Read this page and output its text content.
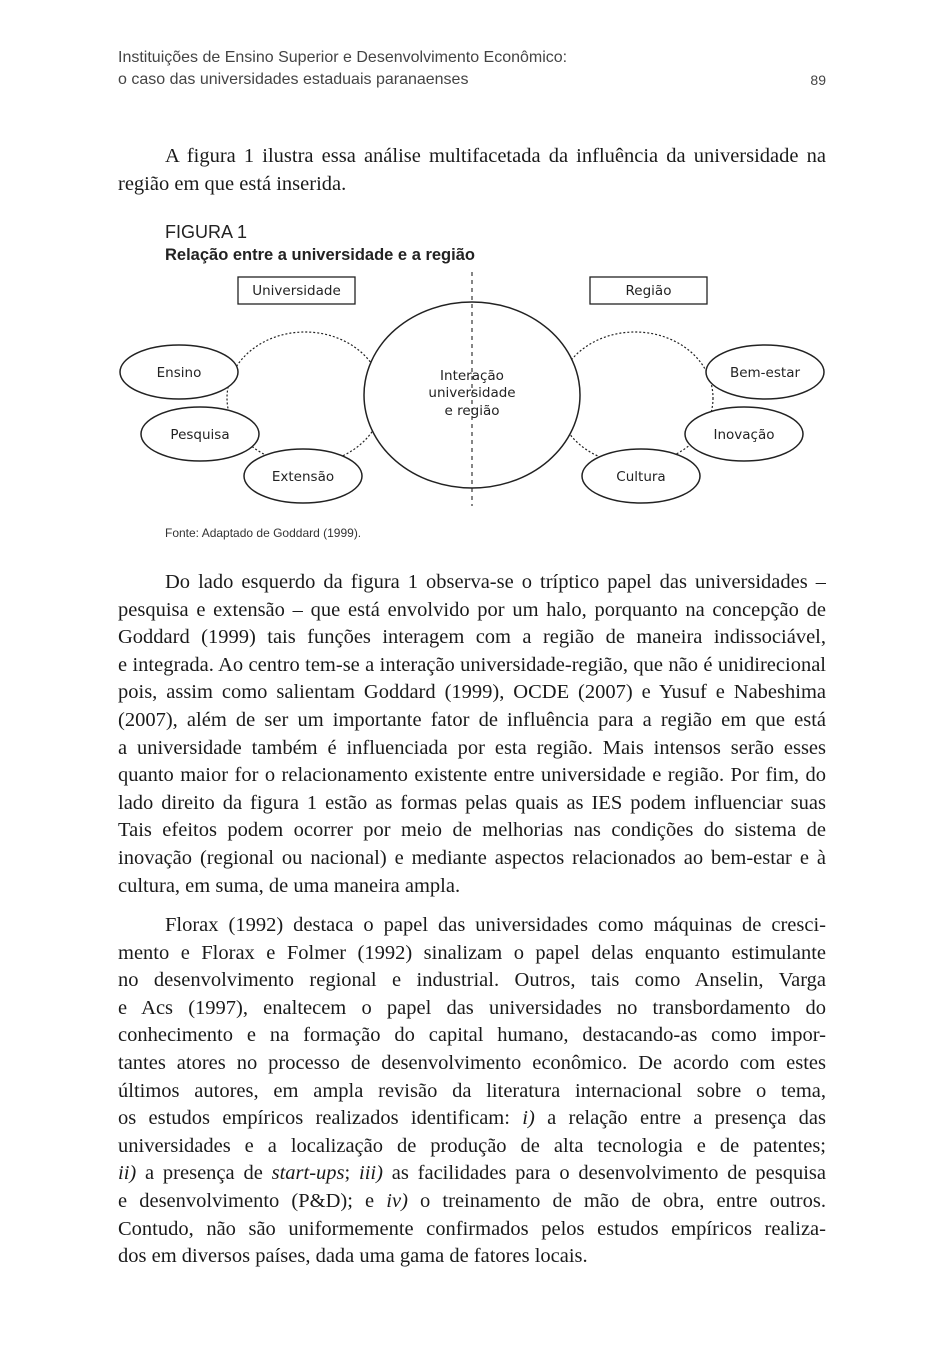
Instituições de Ensino Superior e Desenvolvimento Econômico:
o caso das universidades estaduais paranaenses	89
A figura 1 ilustra essa análise multifacetada da influência da universidade na
região em que está inserida.
FIGURA 1
Relação entre a universidade e a região
Universidade	Região
Interação
universidade
e região
Ensino
Pesquisa
Extensão
Bem-estar
Inovação
Cultura
Fonte: Adaptado de Goddard (1999).
Do lado esquerdo da figura 1 observa-se o tríptico papel das universidades –
pesquisa e extensão – que está envolvido por um halo, porquanto na concepção de
Goddard (1999) tais funções interagem com a região de maneira indissociável,
e integrada. Ao centro tem-se a interação universidade-região, que não é unidirecional
pois, assim como salientam Goddard (1999), OCDE (2007) e Yusuf e Nabeshima
(2007), além de ser um importante fator de influência para a região em que está
a universidade também é influenciada por esta região. Mais intensos serão esses
quanto maior for o relacionamento existente entre universidade e região. Por fim, do
lado direito da figura 1 estão as formas pelas quais as IES podem influenciar suas
Tais efeitos podem ocorrer por meio de melhorias nas condições do sistema de
inovação (regional ou nacional) e mediante aspectos relacionados ao bem-estar e à
cultura, em suma, de uma maneira ampla.
Florax (1992) destaca o papel das universidades como máquinas de cresci-
mento e Florax e Folmer (1992) sinalizam o papel delas enquanto estimulante
no desenvolvimento regional e industrial. Outros, tais como Anselin, Varga
e Acs (1997), enaltecem o papel das universidades no transbordamento do
conhecimento e na formação do capital humano, destacando-as como impor-
tantes atores no processo de desenvolvimento econômico. De acordo com estes
últimos autores, em ampla revisão da literatura internacional sobre o tema,
os estudos empíricos realizados identificam: i) a relação entre a presença das
universidades e a localização de produção de alta tecnologia e de patentes;
ii) a presença de start-ups; iii) as facilidades para o desenvolvimento de pesquisa
e desenvolvimento (P&D); e iv) o treinamento de mão de obra, entre outros.
Contudo, não são uniformemente confirmados pelos estudos empíricos realiza-
dos em diversos países, dada uma gama de fatores locais.
